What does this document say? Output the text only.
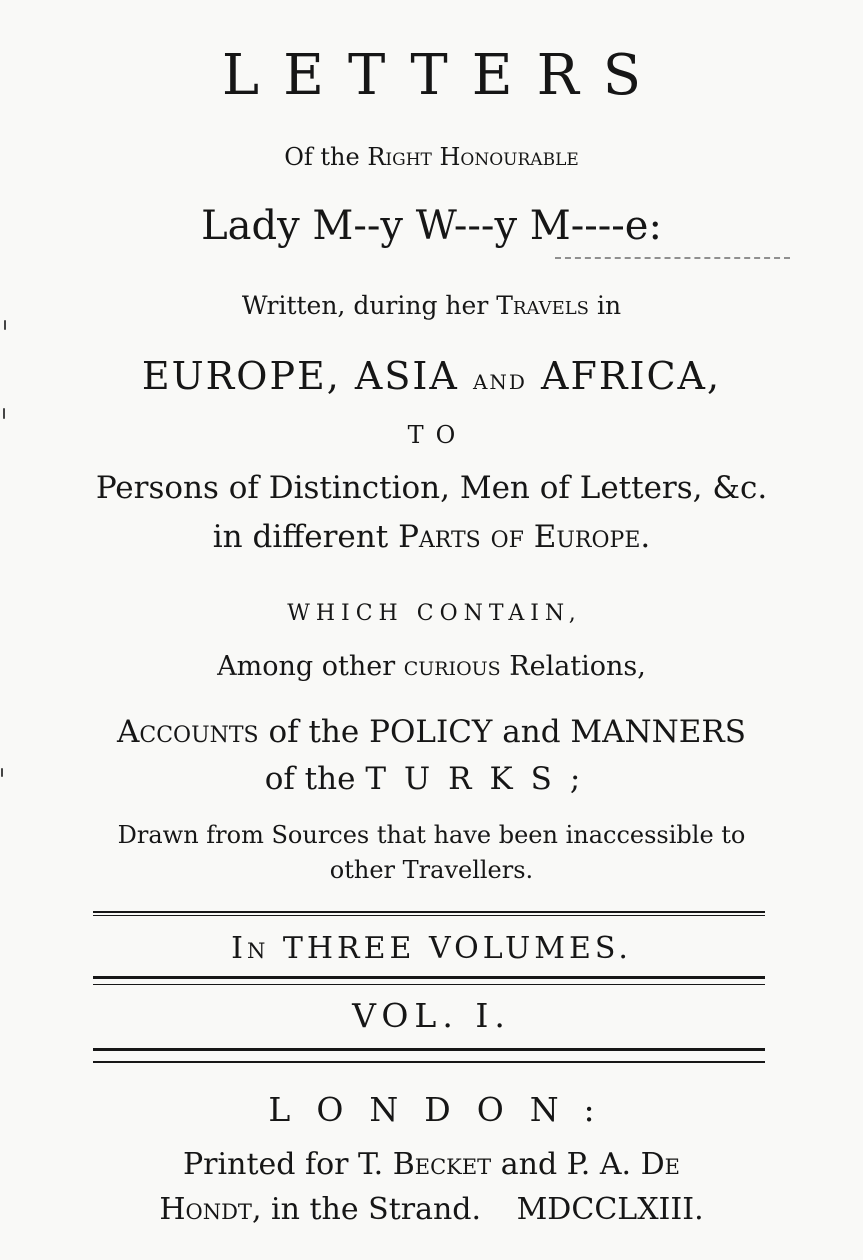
LETTERS
Of the Right Honourable
Lady M--y W---y M----e:
Written, during her Travels in
EUROPE, ASIA and AFRICA,
TO
Persons of Distinction, Men of Letters, &c.
in different Parts of Europe.
WHICH CONTAIN,
Among other curious Relations,
Accounts of the POLICY and MANNERS
of the TURKS;
Drawn from Sources that have been inaccessible to
other Travellers.
In THREE VOLUMES.
VOL. I.
LONDON:
Printed for T. Becket and P. A. De
Hondt, in the Strand. MDCCLXIII.
